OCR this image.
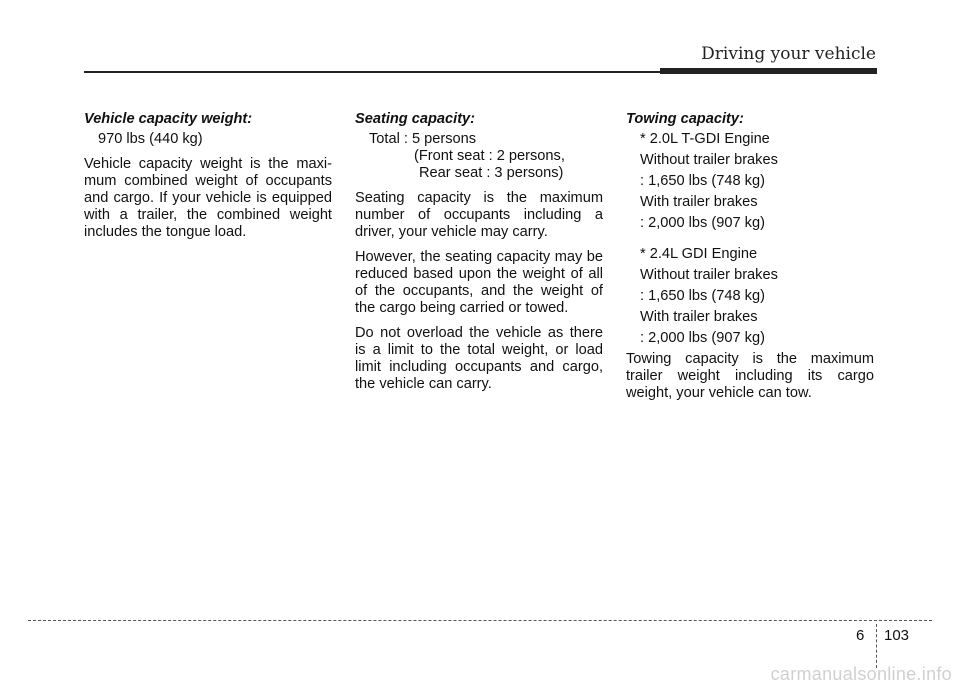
Driving your vehicle
Vehicle capacity weight:
970 lbs (440 kg)

Vehicle capacity weight is the maxi-mum combined weight of occupants and cargo. If your vehicle is equipped with a trailer, the combined weight includes the tongue load.

Seating capacity:
Total : 5 persons
(Front seat : 2 persons,
Rear seat : 3 persons)

Seating capacity is the maximum number of occupants including a driver, your vehicle may carry.

However, the seating capacity may be reduced based upon the weight of all of the occupants, and the weight of the cargo being carried or towed.

Do not overload the vehicle as there is a limit to the total weight, or load limit including occupants and cargo, the vehicle can carry.

Towing capacity:
* 2.0L T-GDI Engine
Without trailer brakes
: 1,650 lbs (748 kg)
With trailer brakes
: 2,000 lbs (907 kg)
* 2.4L GDI Engine
Without trailer brakes
: 1,650 lbs (748 kg)
With trailer brakes
: 2,000 lbs (907 kg)

Towing capacity is the maximum trailer weight including its cargo weight, your vehicle can tow.

6 103
carmanualsonline.info
